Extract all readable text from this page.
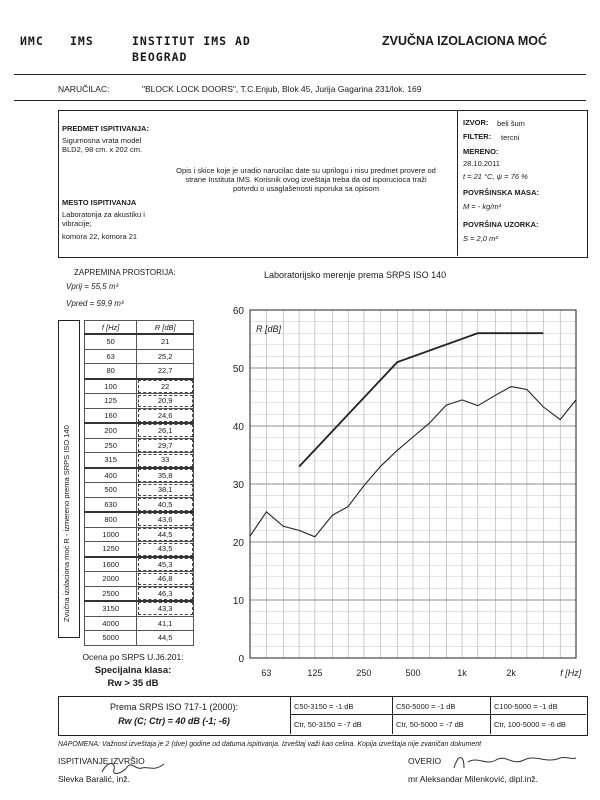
ИМС IMS	INSTITUT IMS AD
BEOGRAD
ZVUČNA IZOLACIONA MOĆ
NARUČILAC:	"BLOCK LOCK DOORS", T.C.Enjub, Blok 45, Jurija Gagarina 231/lok. 169
PREDMET ISPITIVANJA:
Sigurnosna vrata model
BLD2, 98 cm. x 202 cm.
Opis i skice koje je uradio narucilac date su uprilogu i nisu predmet provere od
strane Instituta IMS. Korisnik ovog izveštaja treba da od isporucioca traži
potvrdu o usaglašenosti isporuka sa opisom
MESTO ISPITIVANJA
Laboratorija za akustiku i
vibracije;
komora 22, komora 21
IZVOR: beli šum
FILTER: tercni
MERENO:
28.10.2011
t = 21 °C, ψ = 76 %
POVRŠINSKA MASA:
M = - kg/m²
POVRŠINA UZORKA:
S = 2,0 m²
ZAPREMINA PROSTORIJA:
Vprij = 55,5 m³
Vpred = 59,9 m³
Zvučna izolaciona moć R - izmereno prema SRPS ISO 140
f [Hz]	R [dB]
50	21
63	25,2
80	22,7
100	22
125	20,9
160	24,6
200	26,1
250	29,7
315	33
400	35,8
500	38,1
630	40,5
800	43,6
1000	44,5
1250	43,5
1600	45,3
2000	46,8
2500	46,3
3150	43,3
4000	41,1
5000	44,5
Ocena po SRPS U.J6.201:
Specijalna klasa:
Rw > 35 dB
Laboratorijsko merenje prema SRPS ISO 140
0
10
20
30
40
50
60
R [dB]
63	125	250	500	1k	2k	f [Hz]
Prema SRPS ISO 717-1 (2000):
Rw (C; Ctr) = 40 dB (-1; -6)
C50-3150 = -1 dB	C50-5000 = -1 dB	C100-5000 = -1 dB
Ctr, 50-3150 = -7 dB	Ctr, 50-5000 = -7 dB	Ctr, 100-5000 = -6 dB
NAPOMENA: Važnost izveštaja je 2 (dve) godine od datuma ispitivanja. Izveštaj važi kao celina. Kopija izveštaja nije zvaničan dokument
ISPITIVANJE IZVRŠIO
Slevka Baralić, inž.
OVERIO
mr Aleksandar Milenković, dipl.inž.
